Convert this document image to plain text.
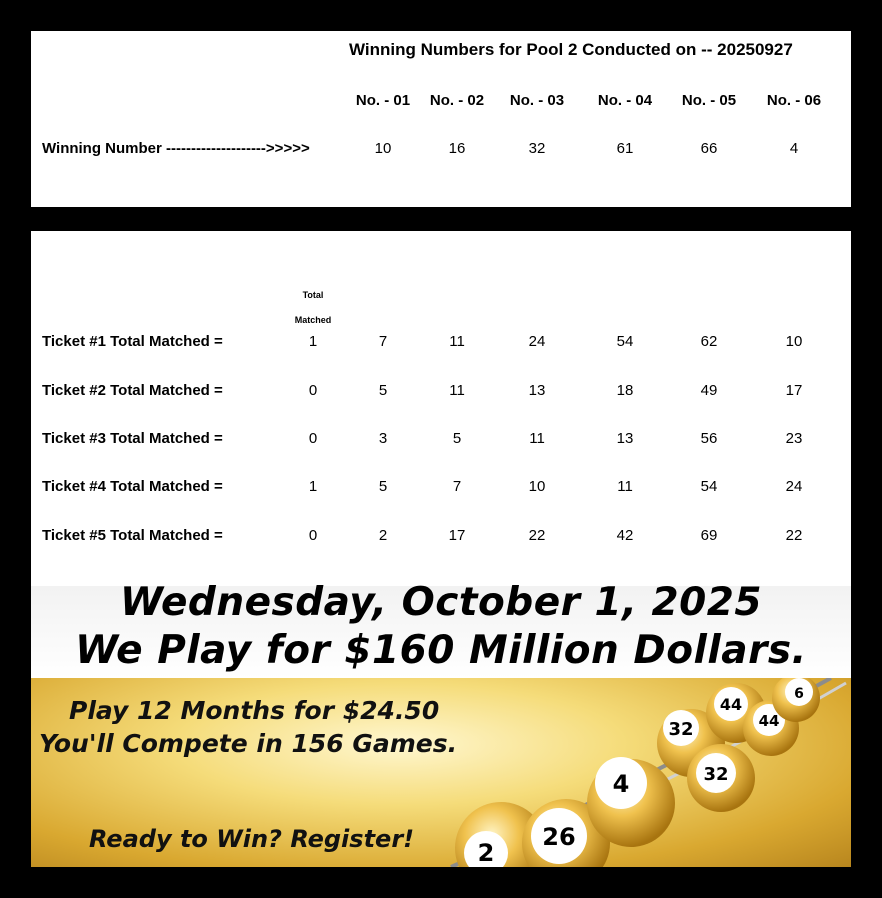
Winning Numbers for Pool 2 Conducted on -- 20250927
No. - 01 No. - 02 No. - 03 No. - 04 No. - 05 No. - 06
Winning Number -------------------->>>>>	10	16	32	61	66	4
Total
Matched
Ticket #1 Total Matched =	1	7	11	24	54	62	10
Ticket #2 Total Matched =	0	5	11	13	18	49	17
Ticket #3 Total Matched =	0	3	5	11	13	56	23
Ticket #4 Total Matched =	1	5	7	10	11	54	24
Ticket #5 Total Matched =	0	2	17	22	42	69	22
Wednesday, October 1, 2025
We Play for $160 Million Dollars.
Play 12 Months for $24.50
You'll Compete in 156 Games.
Ready to Win? Register!	2
26
4
32
32
44
44
6
